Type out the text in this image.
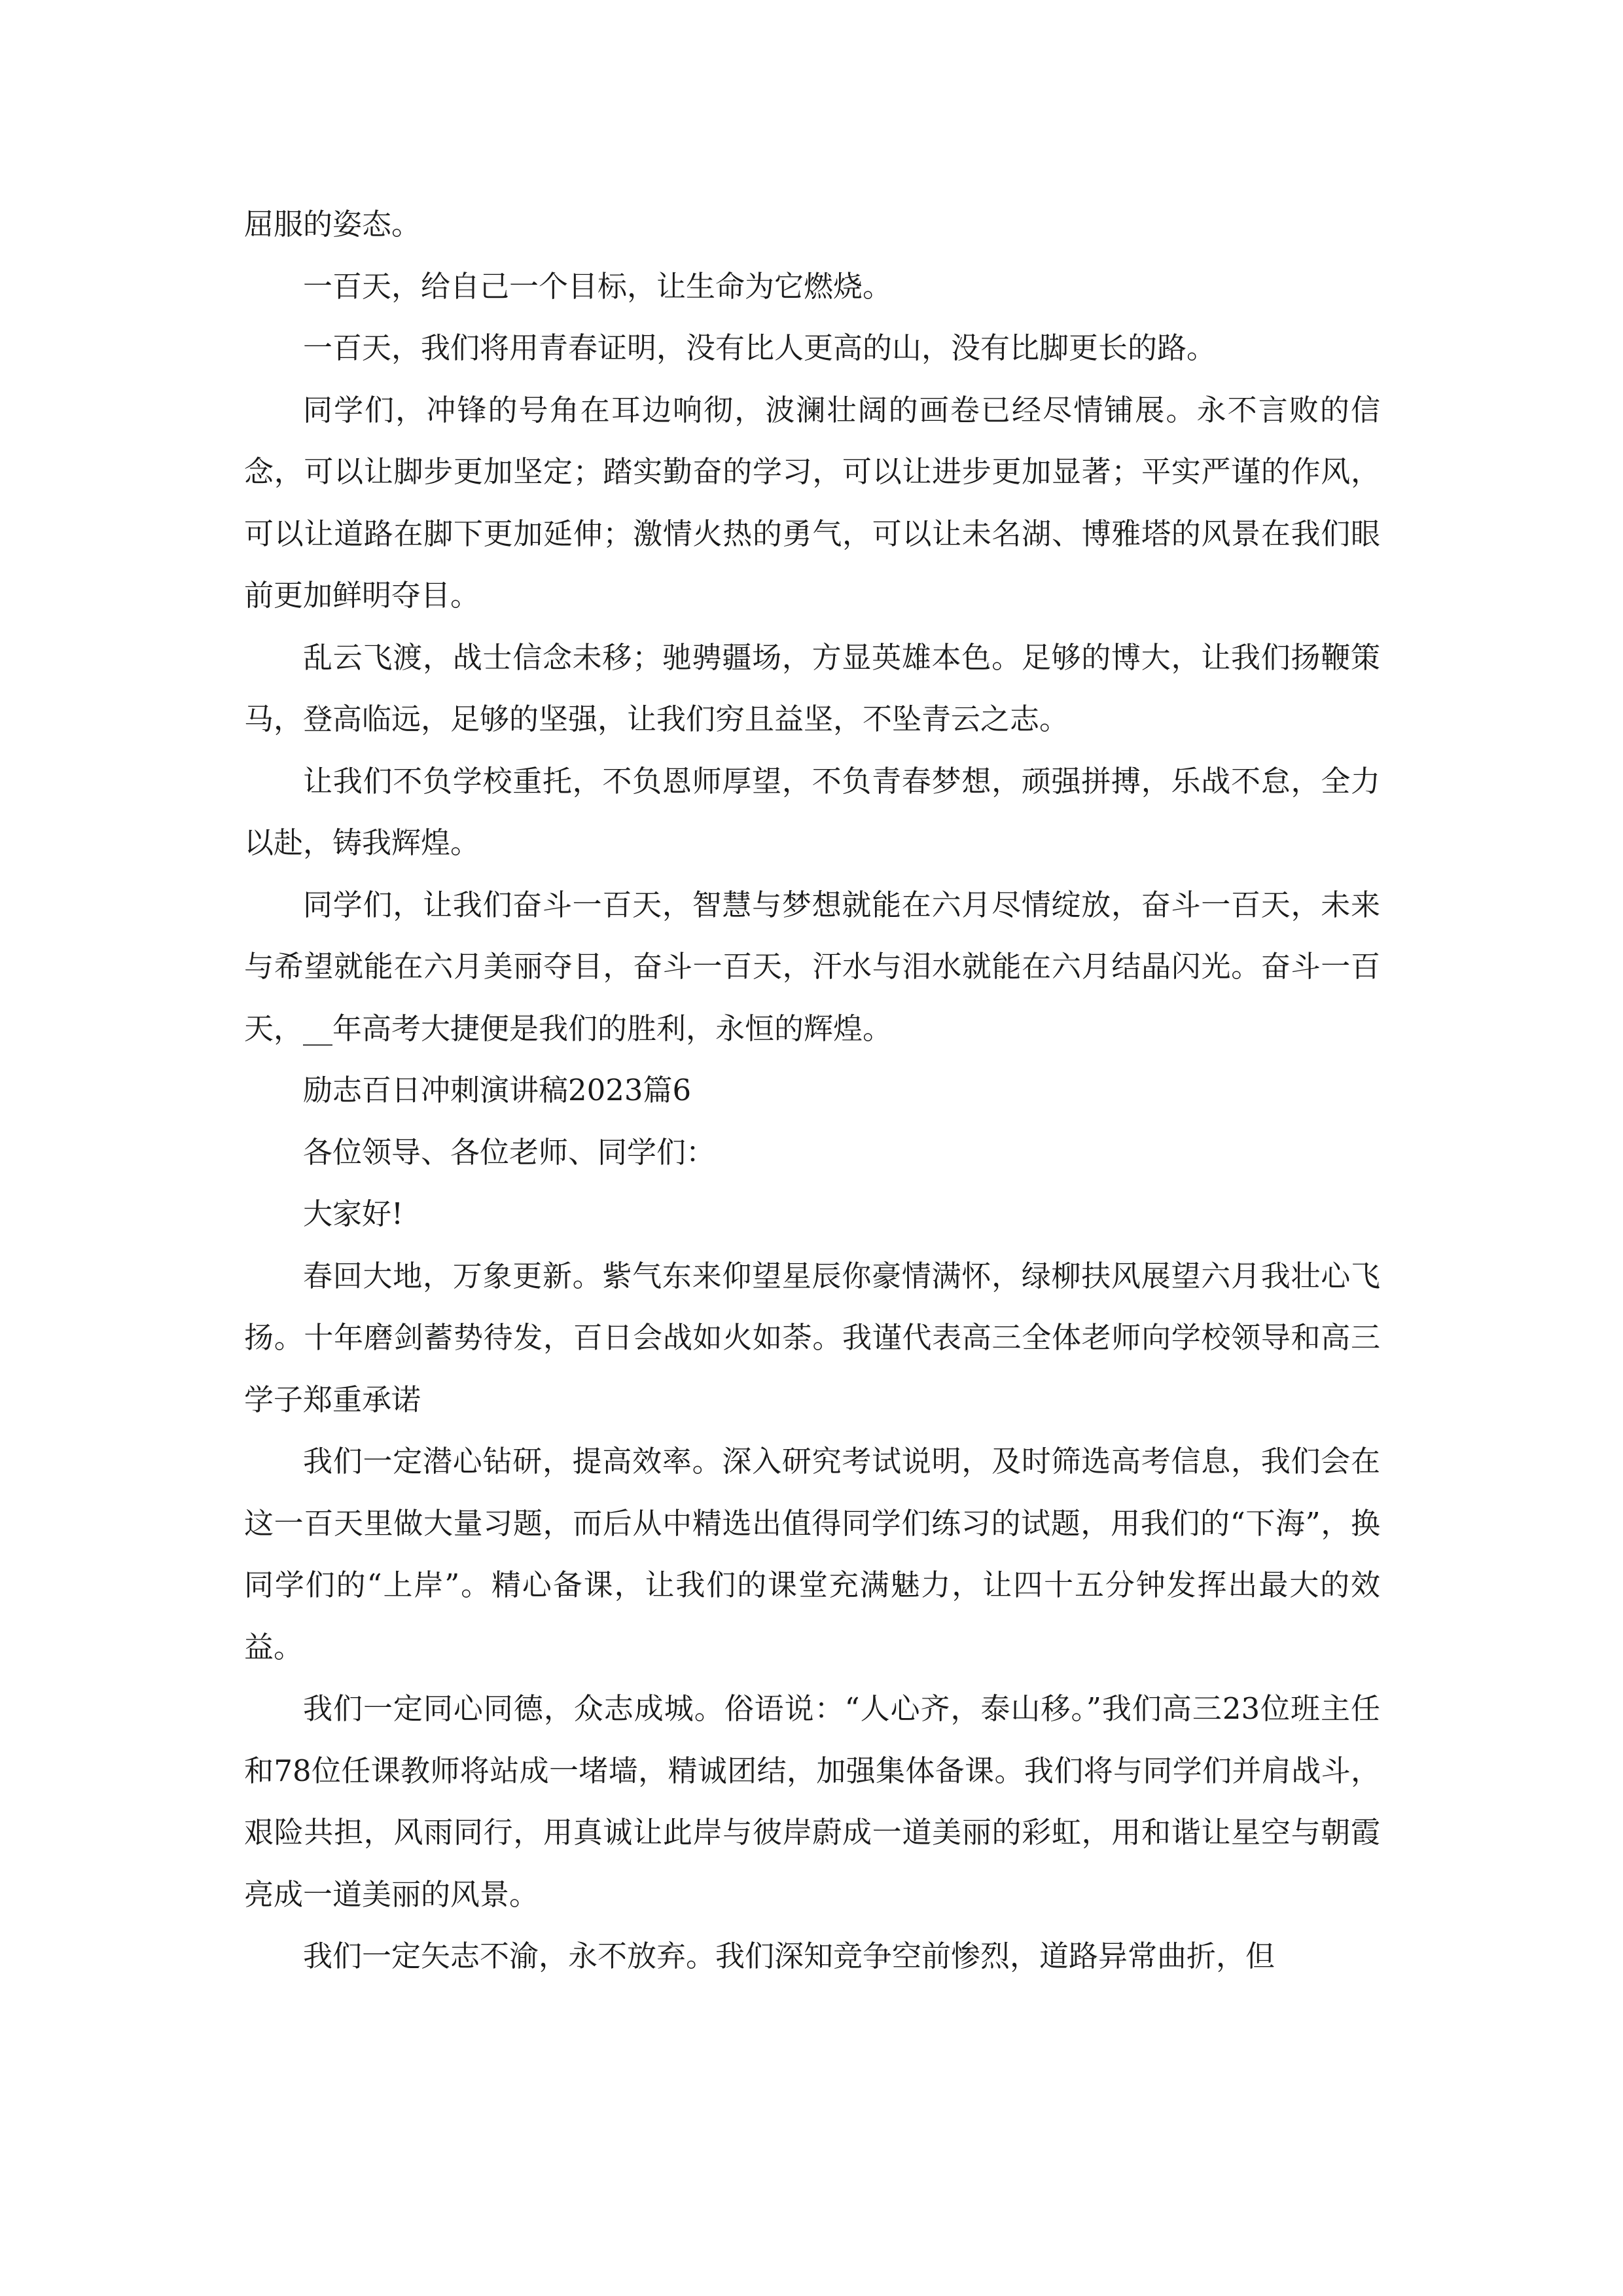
屈服的姿态。

一百天，给自己一个目标，让生命为它燃烧。

一百天，我们将用青春证明，没有比人更高的山，没有比脚更长的路。

同学们，冲锋的号角在耳边响彻，波澜壮阔的画卷已经尽情铺展。永不言败的信念，可以让脚步更加坚定；踏实勤奋的学习，可以让进步更加显著；平实严谨的作风，可以让道路在脚下更加延伸；激情火热的勇气，可以让未名湖、博雅塔的风景在我们眼前更加鲜明夺目。

乱云飞渡，战士信念未移；驰骋疆场，方显英雄本色。足够的博大，让我们扬鞭策马，登高临远，足够的坚强，让我们穷且益坚，不坠青云之志。

让我们不负学校重托，不负恩师厚望，不负青春梦想，顽强拼搏，乐战不怠，全力以赴，铸我辉煌。

同学们，让我们奋斗一百天，智慧与梦想就能在六月尽情绽放，奋斗一百天，未来与希望就能在六月美丽夺目，奋斗一百天，汗水与泪水就能在六月结晶闪光。奋斗一百天，__年高考大捷便是我们的胜利，永恒的辉煌。

励志百日冲刺演讲稿2023篇6

各位领导、各位老师、同学们：

大家好!

春回大地，万象更新。紫气东来仰望星辰你豪情满怀，绿柳扶风展望六月我壮心飞扬。十年磨剑蓄势待发，百日会战如火如荼。我谨代表高三全体老师向学校领导和高三学子郑重承诺

我们一定潜心钻研，提高效率。深入研究考试说明，及时筛选高考信息，我们会在这一百天里做大量习题，而后从中精选出值得同学们练习的试题，用我们的“下海”，换同学们的“上岸”。精心备课，让我们的课堂充满魅力，让四十五分钟发挥出最大的效益。

我们一定同心同德，众志成城。俗语说：“人心齐，泰山移。”我们高三23位班主任和78位任课教师将站成一堵墙，精诚团结，加强集体备课。我们将与同学们并肩战斗，艰险共担，风雨同行，用真诚让此岸与彼岸蔚成一道美丽的彩虹，用和谐让星空与朝霞亮成一道美丽的风景。

我们一定矢志不渝，永不放弃。我们深知竞争空前惨烈，道路异常曲折，但
